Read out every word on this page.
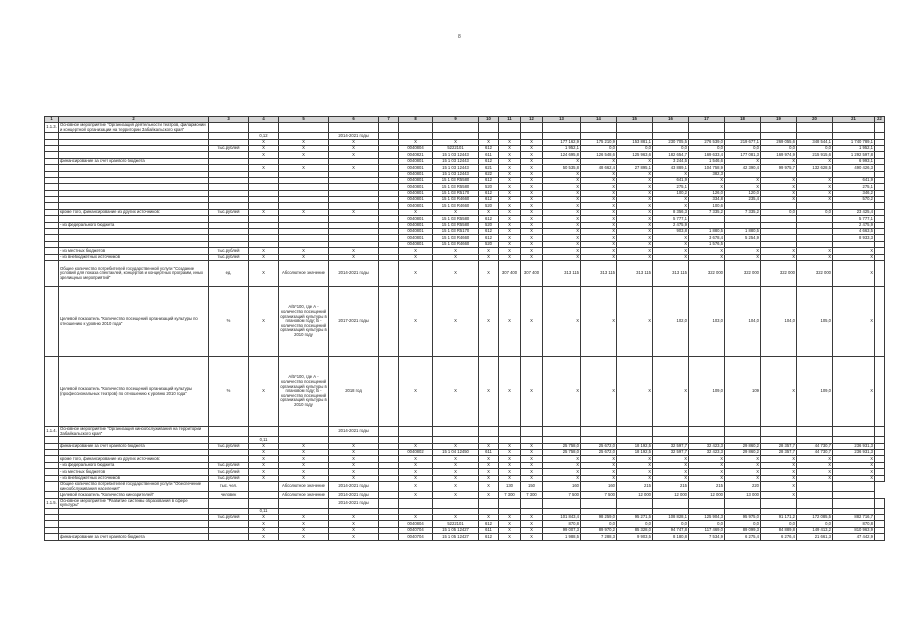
8
1	2	3	4	5	6	7	8	9	10	11	12	13	14	15	16	17	18	19	20	21	22
1.1.3.	Основное мероприятие "Организация деятельности театров, филармонии и концертной организации на территории Забайкальского края"																				
			0,12		2014-2021 годы																
			X	X	X		X	X	X	X	X	177 162,9	175 210,9	153 881,1	230 705,5	276 539,0	219 677,1	269 055,6	348 544,1	1 740 789,1	
		тыс.рублей	X	X	X		0040804	5222101	612	X	X	1 952,1	0,0	0,0	0,0	0,0	0,0	0,0	0,0	1 952,1	
			X	X	X		0040821	15 1 03 12443	611	X	X	124 695,8	126 548,6	125 963,6	182 654,7	169 633,4	177 081,3	169 974,9	215 915,6	1 292 597,8	
	финансирование за счет краевого бюджета						0040801	15 1 03 12443	612	X	X	X	X	X	3 244,5	1 546,6	X	X	X	6 993,1	
			X	X	X		0040801	15 1 03 12443	621	X	X	50 535,8	48 662,4	27 895,1	43 889,1	104 758,9	42 390,4	99 975,7	132 628,5	490 426,3	
							0040801	15 1 03 12443	622	X	X	X	X	X	X	382,3					
							0040801	15 1 03 R5580	612	X	X	X	X	X	641,9	X	X	X	X	641,9	
							0040801	15 1 03 R5580	520	X	X	X	X	X	275,1	X	X	X	X	275,1	
							0040801	15 1 03 R5170	612	X	X	X	X	X	100,2	126,0	120,0	X	X	346,2	
							0040801	15 1 03 R4660	612	X	X	X	X	X	X	334,8	235,4	X	X	570,2	
							0040801	15 1 03 R4660	520	X	X	X	X	X	X	100,6					
	кроме того, финансирование из других источников:	тыс.рублей	X	X	X		X	X	X	X	X	X	X	X	8 356,3	7 335,2	7 335,2	0,0	0,0	23 425,4	
							0040801	15 1 03 R5580	612	X	X	X	X	X	5 777,1					5 777,1	
	- из федерального бюджета						0040801	15 1 03 R5580	520	X	X	X	X	X	2 475,9					2 475,9	
							0040801	15 1 03 R5170	612	X	X	X	X	X	903,8	1 880,5	1 880,5			4 663,5	
							0040801	15 1 03 R4660	612	X	X	X	X	X	X	3 678,4	5 254,9			8 933,3	
							0040801	15 1 03 R4660	520	X	X	X	X	X	X	1 576,5					
	- из местных бюджетов	тыс.рублей	X	X	X		X	X	X	X	X	X	X	X	X	X	X	X	X	X	
	- из внебюджетных источников	тыс.рублей	X	X	X		X	X	X	X	X	X	X	X	X	X	X	X	X	X	
	Общее количество потребителей государственной услуги "Создание условий для показа спектаклей, концертов и концертных программ, иных зрелищных мероприятий"	ед.	X	Абсолютное значение	2014-2021 годы		X	X	X	307 400	307 400	313 115	313 115	313 115	313 115	322 000	322 000	322 000	322 000	X	
	Целевой показатель "Количество посещений организаций культуры по отношению к уровню 2010 года"	%	X	A/Б*100, где А - количество посещений организаций культуры в плановом году; Б - количество посещений организаций культуры в 2010 году	2017-2021 годы		X	X	X	X	X	X	X	X	102,0	103,0	104,0	104,0	105,0	X	
	Целевой показатель "Количество посещений организаций культуры (профессиональных театров) по отношению к уровню 2010 года"	%	X	A/Б*100, где А - количество посещений организаций культуры в плановом году; Б - количество посещений организаций культуры в 2010 году	2018 год		X	X	X	X	X	X	X	X	X	109,0	109	X	109,0	X	
1.1.4.	Основное мероприятие "Организация кинообслуживания на территории Забайкальского края"				2014-2021 годы																
			0,11																		
	финансирование за счет краевого бюджета	тыс.рублей	X	X	X		X	X	X	X	X	25 758,0	25 672,0	18 192,5	32 597,7	32 423,3	29 860,2	28 357,7	44 730,7	236 931,3	
			X	X	X		0040802	15 1 04 12450	611	X	X	25 758,0	25 672,0	18 192,5	32 597,7	32 423,3	29 860,2	28 357,7	44 730,7	236 931,3	
	кроме того, финансирование из других источников:		X	X	X		X	X	X	X	X	X	X	X	X	X	X	X	X	X	
	- из федерального бюджета	тыс.рублей	X	X	X		X	X	X	X	X	X	X	X	X	X	X	X	X	X	
	- из местных бюджетов	тыс.рублей	X	X	X		X	X	X	X	X	X	X	X	X	X	X	X	X	X	
	- из внебюджетных источников	тыс.рублей	X	X	X		X	X	X	X	X	X	X	X	X	X	X	X	X	X	
	Общее количество потребителей государственной услуги "Обеспечение кинообслуживания населения"	тыс. чел.		Абсолютное значение	2014-2021 годы		X	X	X	130	150	160	160	215	215	215	220	X			
	Целевой показатель "Количество кинозрителей"	человек		Абсолютное значение	2014-2021 годы		X	X	X	7 300	7 300	7 500	7 500	12 000	12 000	12 000	13 000	X			
1.1.5.	Основное мероприятие "Развитие системы образования в сфере культуры"				2014-2021 годы																
			0,11																		
		тыс.рублей	X	X	X		X	X	X	X	X	101 843,4	98 259,0	95 271,5	108 828,1	125 904,3	95 975,0	91 171,2	172 085,5	882 716,7	
			X	X	X		0040804	5222101	612	X	X	870,8	0,0	0,0	0,0	0,0	0,0	0,0	0,0	870,8	
			X	X	X		0040704	15 1 05 12427	611	X	X	99 007,3	89 970,2	85 328,0	94 747,8	117 469,0	89 099,3	84 889,8	149 413,2	810 963,9	
	финансирование за счет краевого бюджета		X	X	X		0040704	15 1 05 12427	612	X	X	1 988,5	7 288,3	9 903,5	8 180,8	7 534,9	6 275,4	6 276,4	21 661,3	47 442,9	
